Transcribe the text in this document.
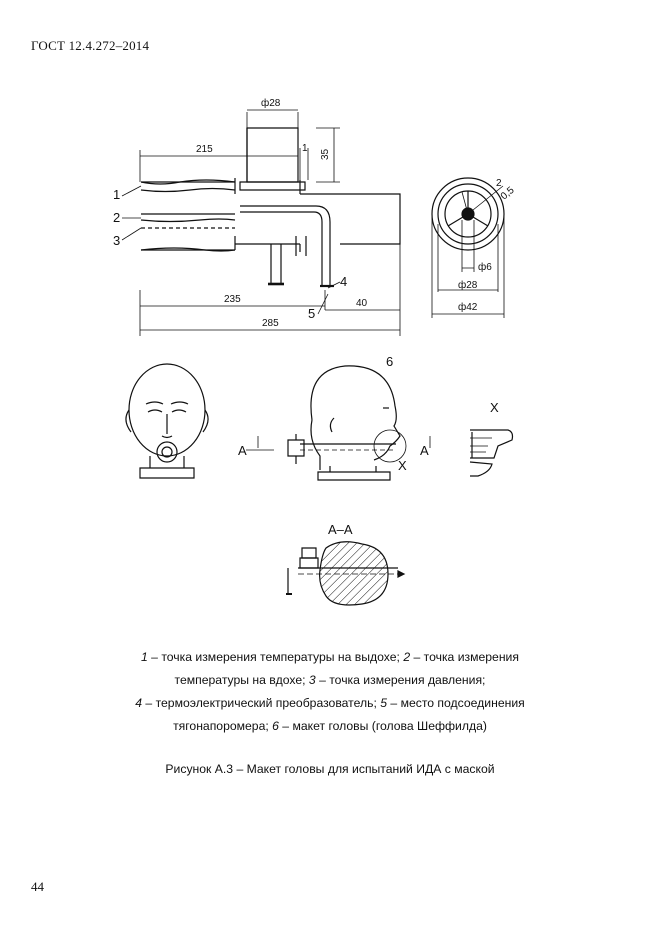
ГОСТ 12.4.272–2014
ф28
215	1
35
235	40
285
ф6
ф28
ф42
2
0,5
1
2
3
4
5
6
A	A
X
X
A–A
1 – точка измерения температуры на выдохе; 2 – точка измерения
температуры на вдохе; 3 – точка измерения давления;
4 – термоэлектрический преобразователь; 5 – место подсоединения
тягонапоромера; 6 – макет головы (голова Шеффилда)
Рисунок А.3 – Макет головы для испытаний ИДА с маской
44
